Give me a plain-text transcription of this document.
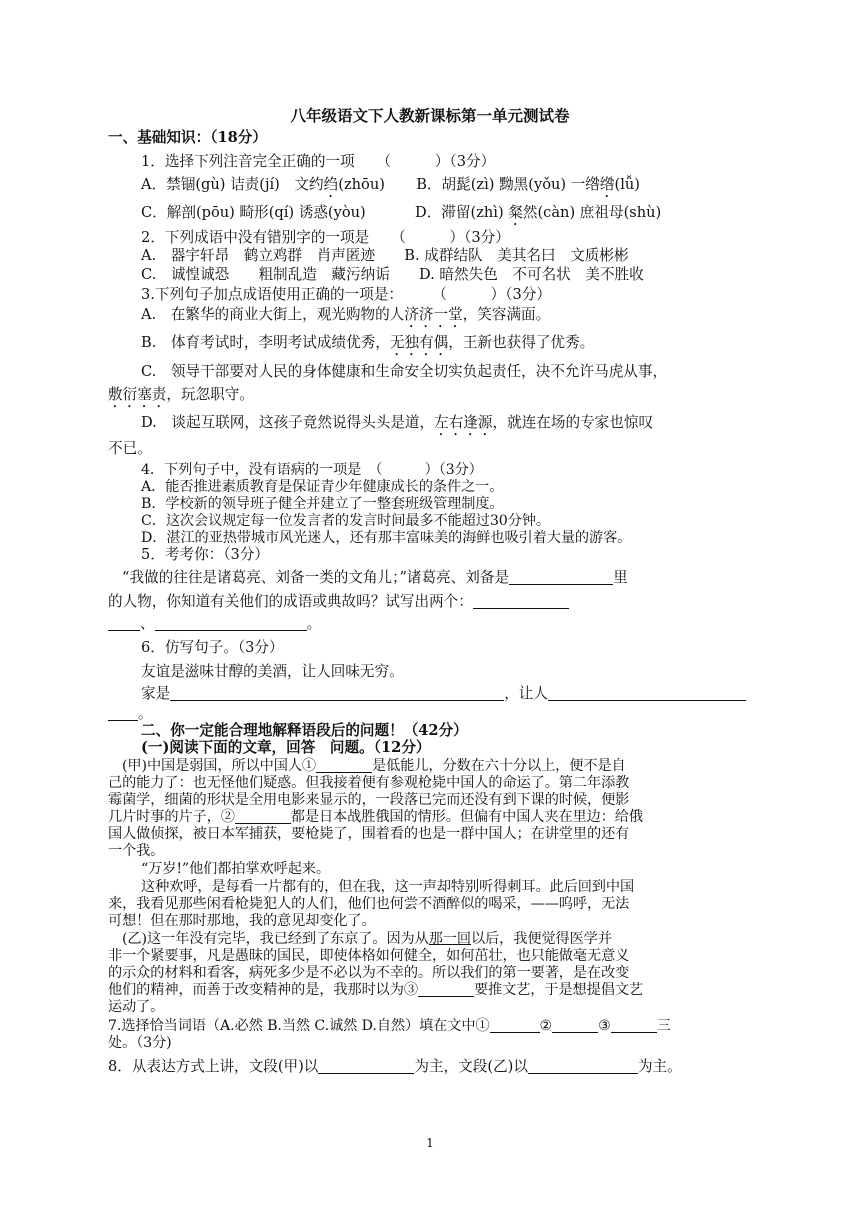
八年级语文下人教新课标第一单元测试卷
一、基础知识：（18分）
1．选择下列注音完全正确的一项　　（　　　）（3分）
A．禁锢(gù) 诘责(jí)　文约绉(zhōu) B．胡髭(zì) 黝黑(yǒu) 一绺绺(lǚ)
C．解剖(pōu) 畸形(qí) 诱惑(yòu)	D．滞留(zhì) 粲然(càn) 庶祖母(shù)
2．下列成语中没有错别字的一项是　　（　　　）（3分）
A.　器宇轩昂　鹤立鸡群　肖声匿迹　　B. 成群结队　美其名曰　文质彬彬
C.　诚惶诚恐　　粗制乱造　藏污纳诟　　D. 暗然失色　不可名状　美不胜收
3.下列句子加点成语使用正确的一项是：　　　（　　　）（3分）
A.　在繁华的商业大街上，观光购物的人济济一堂，笑容满面。
B.　体育考试时，李明考试成绩优秀，无独有偶，王新也获得了优秀。
C.　领导干部要对人民的身体健康和生命安全切实负起责任，决不允许马虎从事，
敷衍塞责，玩忽职守。
D.　谈起互联网，这孩子竟然说得头头是道，左右逢源，就连在场的专家也惊叹
不已。
4．下列句子中，没有语病的一项是　（　　　）（3分）
A．能否推进素质教育是保证青少年健康成长的条件之一。
B．学校新的领导班子健全并建立了一整套班级管理制度。
C．这次会议规定每一位发言者的发言时间最多不能超过30分钟。
D．湛江的亚热带城市风光迷人，还有那丰富味美的海鲜也吸引着大量的游客。
5．考考你：（3分）
“我做的往往是诸葛亮、刘备一类的文角儿；”诸葛亮、刘备是	里
的人物，你知道有关他们的成语或典故吗？试写出两个：
、	。
6．仿写句子。（3分）
友谊是滋味甘醇的美酒，让人回味无穷。
家是	，让人
。
二、你一定能合理地解释语段后的问题！（42分）
(一)阅读下面的文章，回答　问题。（12分）
(甲)中国是弱国，所以中国人①	是低能儿，分数在六十分以上，便不是自
己的能力了：也无怪他们疑惑。但我接着便有参观枪毙中国人的命运了。第二年添教
霉菌学，细菌的形状是全用电影来显示的，一段落已完而还没有到下课的时候，便影
几片时事的片子，②	都是日本战胜俄国的情形。但偏有中国人夹在里边：给俄
国人做侦探，被日本军捕获，要枪毙了，围着看的也是一群中国人；在讲堂里的还有
一个我。
“万岁!”他们都拍掌欢呼起来。
这种欢呼，是每看一片都有的，但在我，这一声却特别听得刺耳。此后回到中国
来，我看见那些闲看枪毙犯人的人们，他们也何尝不酒醉似的喝采，——呜呼，无法
可想！但在那时那地，我的意见却变化了。
(乙)这一年没有完毕，我已经到了东京了。因为从那一回以后，我便觉得医学并
非一个紧要事，凡是愚昧的国民，即使体格如何健全，如何茁壮，也只能做毫无意义
的示众的材料和看客，病死多少是不必以为不幸的。所以我们的第一要著，是在改变
他们的精神，而善于改变精神的是，我那时以为③	要推文艺，于是想提倡文艺
运动了。
7.选择恰当词语（A.必然 B.当然 C.诚然 D.自然）填在文中①	②	③	三
处。（3分)
8．从表达方式上讲，文段(甲)以	为主，文段(乙)以	为主。
1
